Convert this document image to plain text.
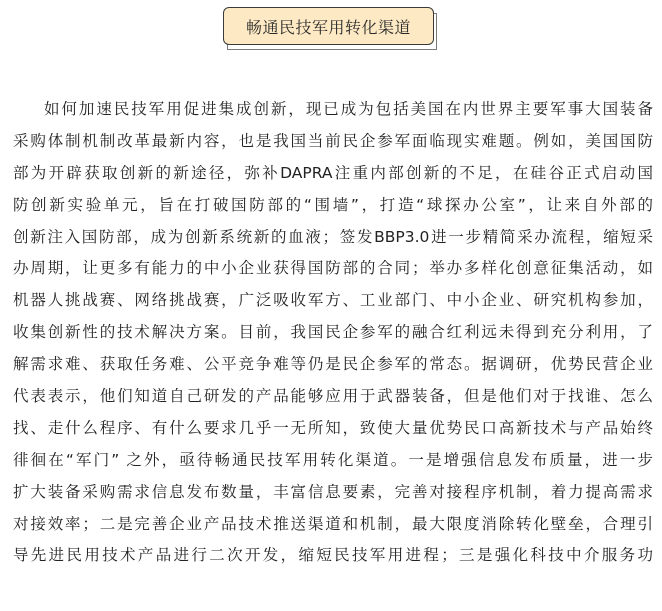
畅通民技军用转化渠道
如何加速民技军用促进集成创新，现已成为包括美国在内世界主要军事大国装备
采购体制机制改革最新内容，也是我国当前民企参军面临现实难题。例如，美国国防
部为开辟获取创新的新途径，弥补DAPRA注重内部创新的不足，在硅谷正式启动国
防创新实验单元，旨在打破国防部的“围墙”，打造“球探办公室”，让来自外部的
创新注入国防部，成为创新系统新的血液；签发BBP3.0进一步精简采办流程，缩短采
办周期，让更多有能力的中小企业获得国防部的合同；举办多样化创意征集活动，如
机器人挑战赛、网络挑战赛，广泛吸收军方、工业部门、中小企业、研究机构参加，
收集创新性的技术解决方案。目前，我国民企参军的融合红利远未得到充分利用，了
解需求难、获取任务难、公平竞争难等仍是民企参军的常态。据调研，优势民营企业
代表表示，他们知道自己研发的产品能够应用于武器装备，但是他们对于找谁、怎么
找、走什么程序、有什么要求几乎一无所知，致使大量优势民口高新技术与产品始终
徘徊在“军门” 之外，亟待畅通民技军用转化渠道。一是增强信息发布质量，进一步
扩大装备采购需求信息发布数量，丰富信息要素，完善对接程序机制，着力提高需求
对接效率；二是完善企业产品技术推送渠道和机制，最大限度消除转化壁垒，合理引
导先进民用技术产品进行二次开发，缩短民技军用进程；三是强化科技中介服务功
